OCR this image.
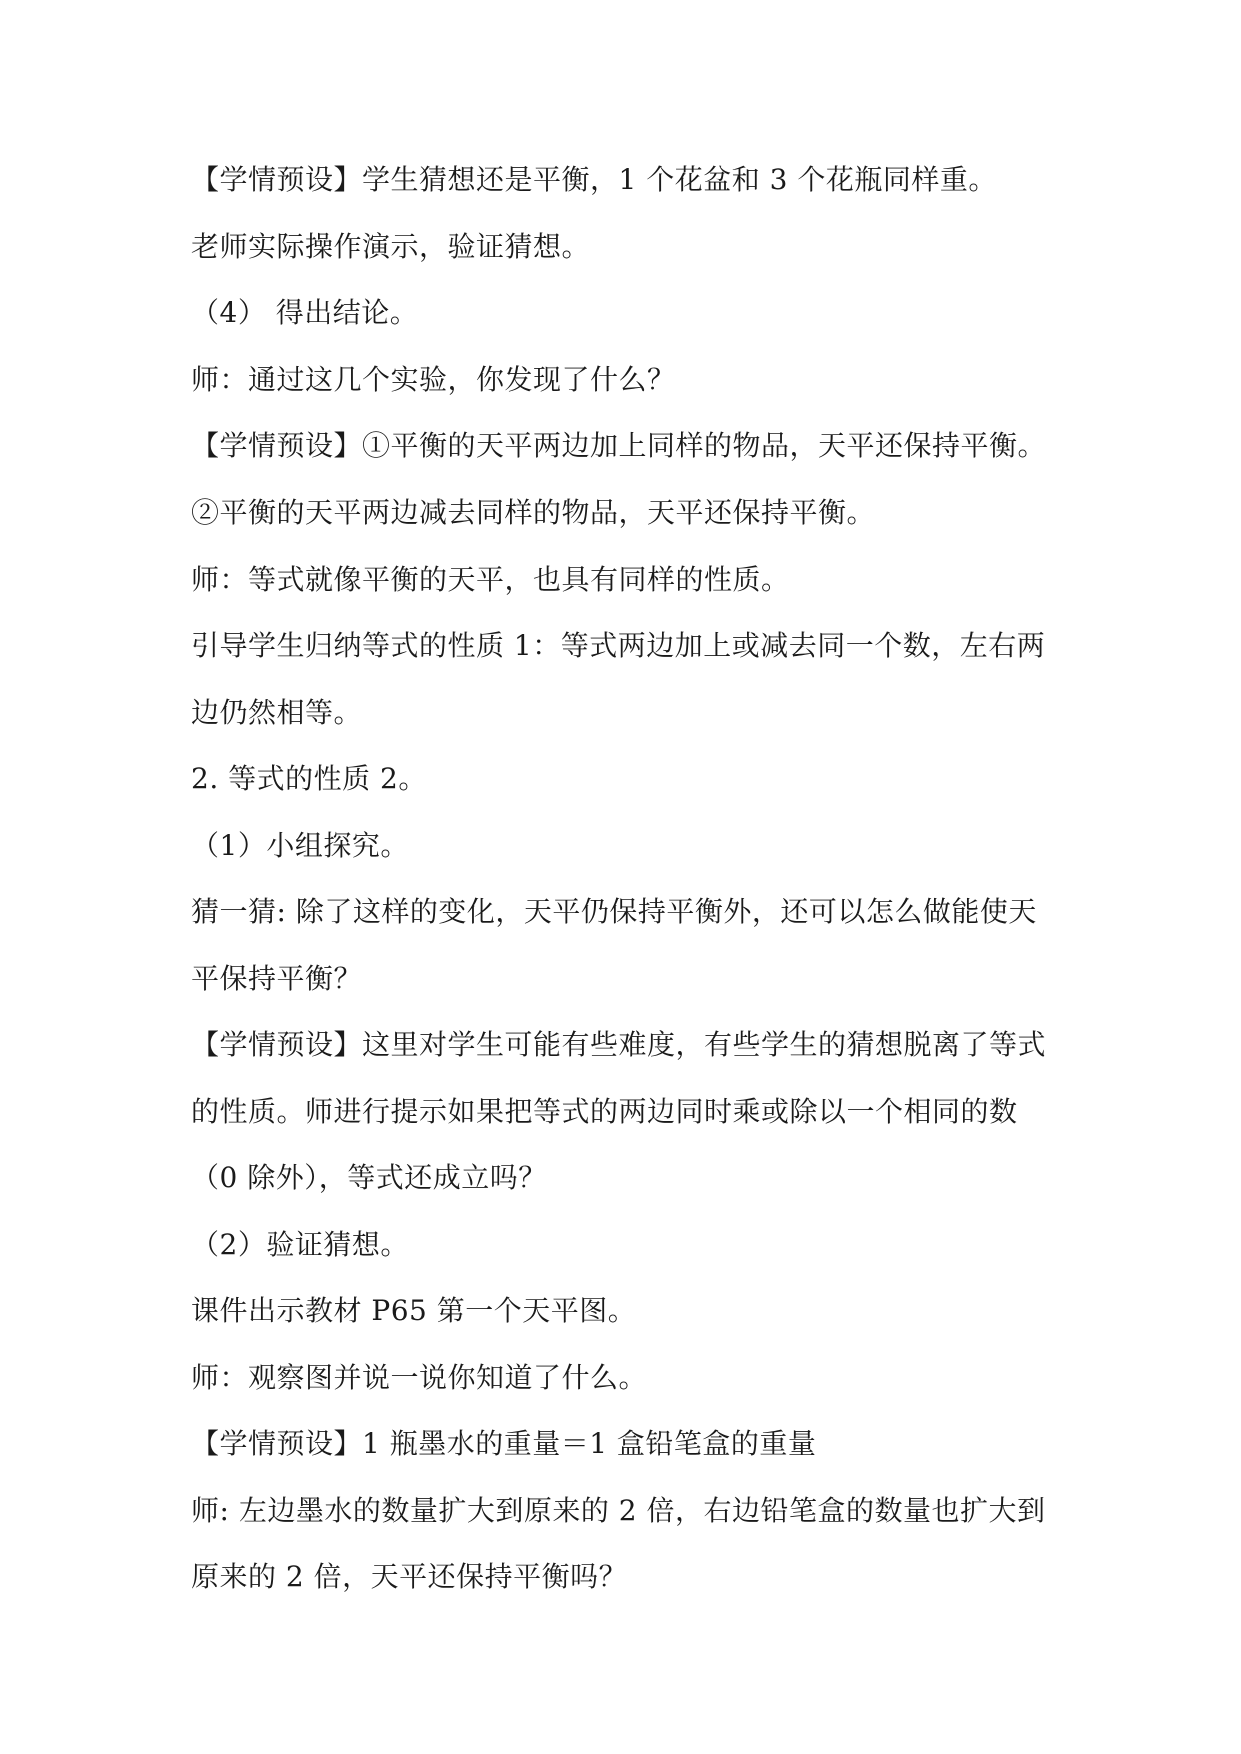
【学情预设】学生猜想还是平衡，1 个花盆和 3 个花瓶同样重。
老师实际操作演示，验证猜想。
（4） 得出结论。
师：通过这几个实验，你发现了什么？
【学情预设】①平衡的天平两边加上同样的物品，天平还保持平衡。
②平衡的天平两边减去同样的物品，天平还保持平衡。
师：等式就像平衡的天平，也具有同样的性质。
引导学生归纳等式的性质 1：等式两边加上或减去同一个数，左右两
边仍然相等。
2. 等式的性质 2。
（1）小组探究。
猜一猜: 除了这样的变化，天平仍保持平衡外，还可以怎么做能使天
平保持平衡？
【学情预设】这里对学生可能有些难度，有些学生的猜想脱离了等式
的性质。师进行提示如果把等式的两边同时乘或除以一个相同的数
（0 除外），等式还成立吗？
（2）验证猜想。
课件出示教材 P65 第一个天平图。
师：观察图并说一说你知道了什么。
【学情预设】1 瓶墨水的重量＝1 盒铅笔盒的重量
师: 左边墨水的数量扩大到原来的 2 倍，右边铅笔盒的数量也扩大到
原来的 2 倍，天平还保持平衡吗？
